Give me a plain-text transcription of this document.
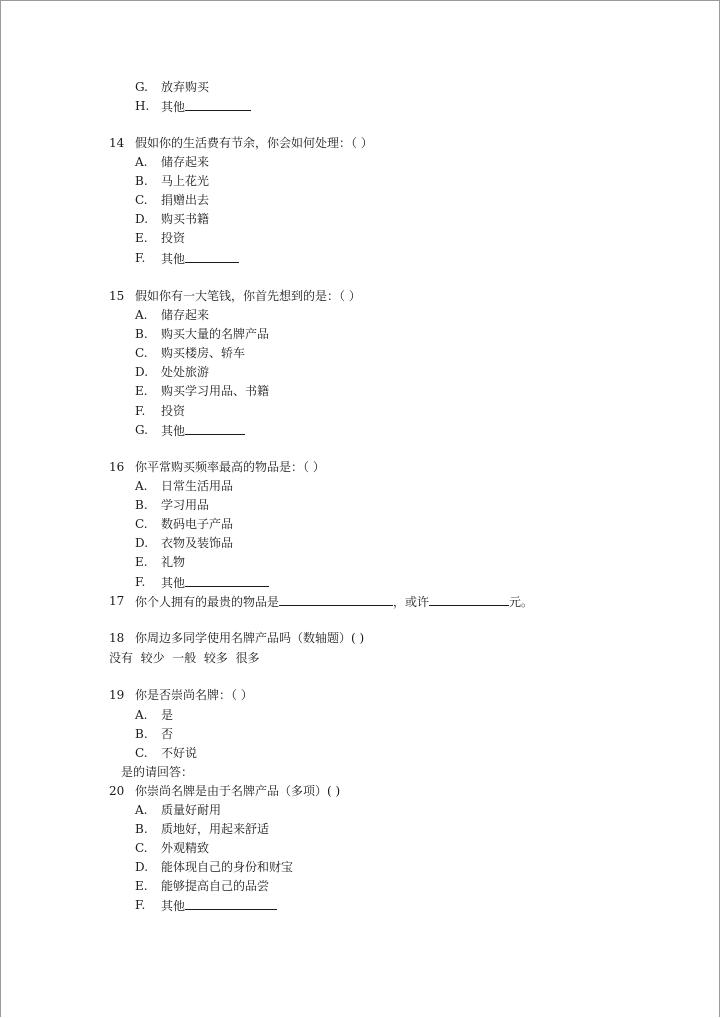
G. 放弃购买
H. 其他
14 假如你的生活费有节余，你会如何处理：（ ）
A. 储存起来
B. 马上花光
C. 捐赠出去
D. 购买书籍
E. 投资
F. 其他
15 假如你有一大笔钱，你首先想到的是：（ ）
A. 储存起来
B. 购买大量的名牌产品
C. 购买楼房、轿车
D. 处处旅游
E. 购买学习用品、书籍
F. 投资
G. 其他
16 你平常购买频率最高的物品是：（ ）
A. 日常生活用品
B. 学习用品
C. 数码电子产品
D. 衣物及装饰品
E. 礼物
F. 其他
17 你个人拥有的最贵的物品是	，或许	元。
18 你周边多同学使用名牌产品吗（数轴题）( )
没有  较少  一般  较多  很多
19 你是否崇尚名牌：（ ）
A. 是
B. 否
C. 不好说
是的请回答：
20 你崇尚名牌是由于名牌产品（多项）( )
A. 质量好耐用
B. 质地好，用起来舒适
C. 外观精致
D. 能体现自己的身份和财宝
E. 能够提高自己的品尝
F. 其他
